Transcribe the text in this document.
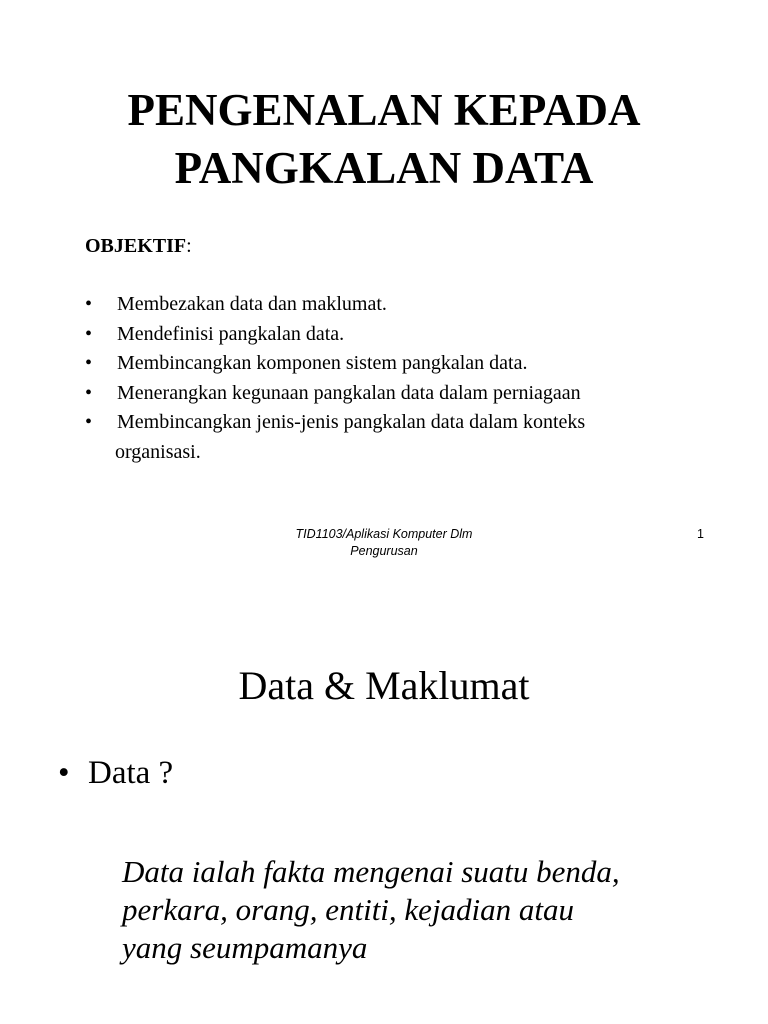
PENGENALAN KEPADA
PANGKALAN DATA
OBJEKTIF:
• Membezakan data dan maklumat.
• Mendefinisi pangkalan data.
• Membincangkan komponen sistem pangkalan data.
• Menerangkan kegunaan pangkalan data dalam perniagaan
• Membincangkan jenis-jenis pangkalan data dalam konteks
organisasi.
TID1103/Aplikasi Komputer Dlm
Pengurusan
1
Data & Maklumat
• Data ?
Data ialah fakta mengenai suatu benda,
perkara, orang, entiti, kejadian atau
yang seumpamanya
